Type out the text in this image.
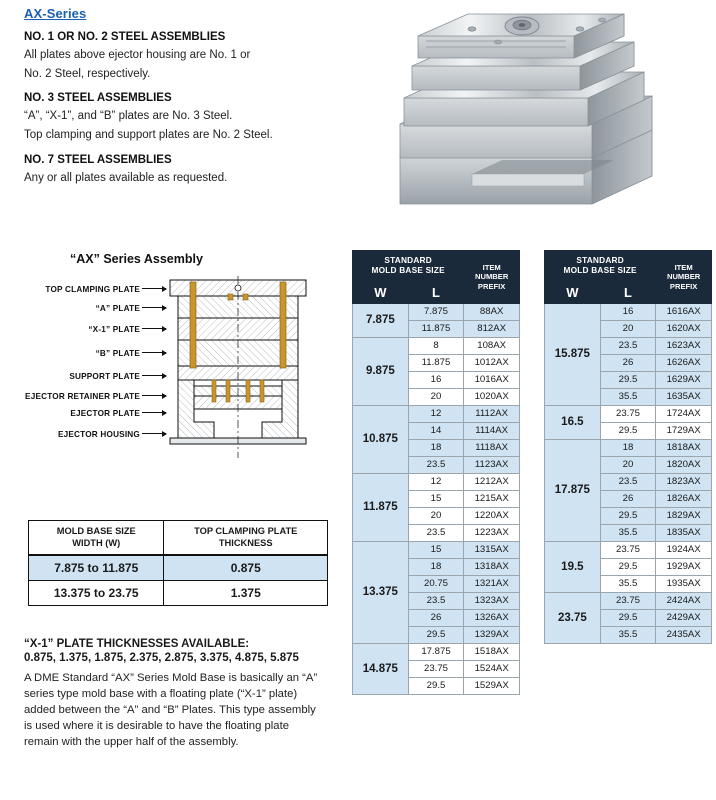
AX-Series
NO. 1 OR NO. 2 STEEL ASSEMBLIES
All plates above ejector housing are No. 1 or
No. 2 Steel, respectively.
NO. 3 STEEL ASSEMBLIES
“A”, “X-1”, and “B” plates are No. 3 Steel.
Top clamping and support plates are No. 2 Steel.
NO. 7 STEEL ASSEMBLIES
Any or all plates available as requested.
“AX” Series Assembly
TOP CLAMPING PLATE
“A” PLATE
“X-1” PLATE
“B” PLATE
SUPPORT PLATE
EJECTOR RETAINER PLATE
EJECTOR PLATE
EJECTOR HOUSING
MOLD BASE SIZE
WIDTH (W)	TOP CLAMPING PLATE
THICKNESS
7.875 to 11.875	0.875
13.375 to 23.75	1.375
“X-1” PLATE THICKNESSES AVAILABLE:
0.875, 1.375, 1.875, 2.375, 2.875, 3.375, 4.875, 5.875

A DME Standard “AX” Series Mold Base is basically an “A” series type mold base with a floating plate (“X-1” plate) added between the “A” and “B” Plates. This type assembly is used where it is desirable to have the floating plate remain with the upper half of the assembly.

STANDARD
MOLD BASE SIZE		ITEM
NUMBER
PREFIX
W	L	
7.875	7.875	88AX
	11.875	812AX
9.875	8	108AX
	11.875	1012AX
	16	1016AX
	20	1020AX
10.875	12	1112AX
	14	1114AX
	18	1118AX
	23.5	1123AX
11.875	12	1212AX
	15	1215AX
	20	1220AX
	23.5	1223AX
13.375	15	1315AX
	18	1318AX
	20.75	1321AX
	23.5	1323AX
	26	1326AX
	29.5	1329AX
14.875	17.875	1518AX
	23.75	1524AX
	29.5	1529AX
STANDARD
MOLD BASE SIZE		ITEM
NUMBER
PREFIX
W	L	
15.875	16	1616AX
	20	1620AX
	23.5	1623AX
	26	1626AX
	29.5	1629AX
	35.5	1635AX
16.5	23.75	1724AX
	29.5	1729AX
17.875	18	1818AX
	20	1820AX
	23.5	1823AX
	26	1826AX
	29.5	1829AX
	35.5	1835AX
19.5	23.75	1924AX
	29.5	1929AX
	35.5	1935AX
23.75	23.75	2424AX
	29.5	2429AX
	35.5	2435AX
